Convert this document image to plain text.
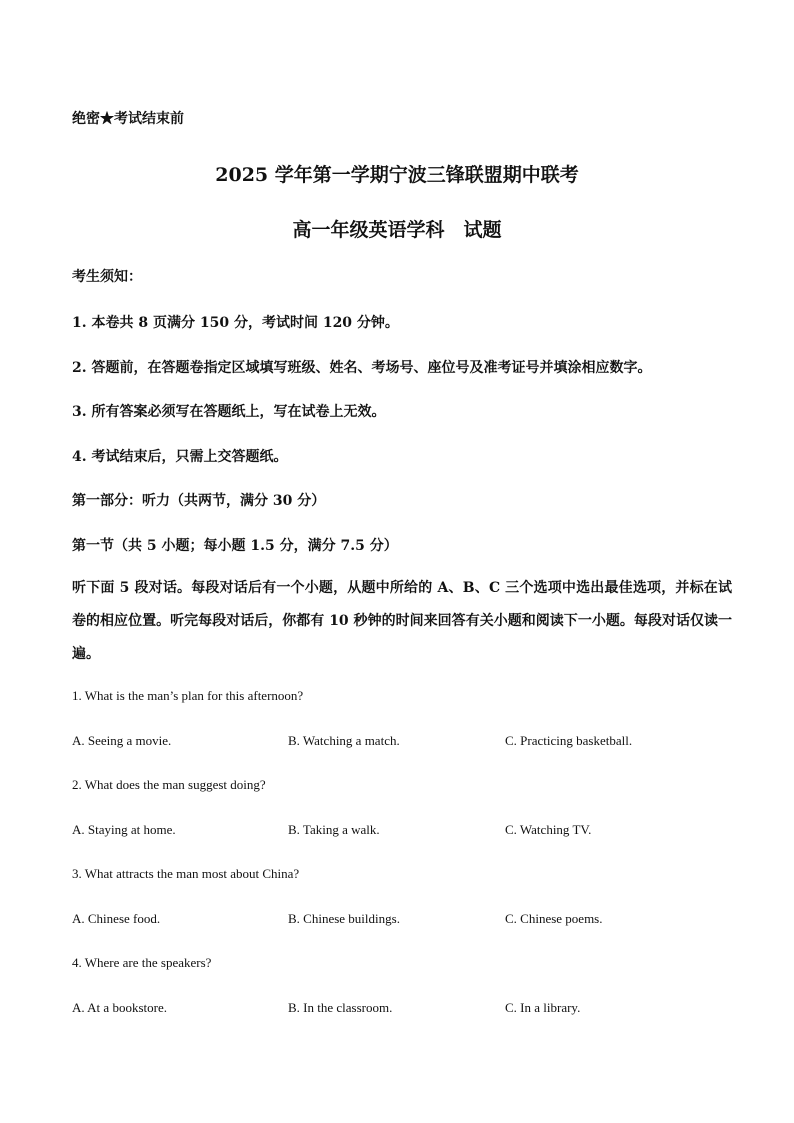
绝密★考试结束前
2025 学年第一学期宁波三锋联盟期中联考
高一年级英语学科　试题
考生须知：
1. 本卷共 8 页满分 150 分，考试时间 120 分钟。
2. 答题前，在答题卷指定区域填写班级、姓名、考场号、座位号及准考证号并填涂相应数字。
3. 所有答案必须写在答题纸上，写在试卷上无效。
4. 考试结束后，只需上交答题纸。
第一部分：听力（共两节，满分 30 分）
第一节（共 5 小题；每小题 1.5 分，满分 7.5 分）
听下面 5 段对话。每段对话后有一个小题，从题中所给的 A、B、C 三个选项中选出最佳选项，并标在试卷的相应位置。听完每段对话后，你都有 10 秒钟的时间来回答有关小题和阅读下一小题。每段对话仅读一遍。
1. What is the man’s plan for this afternoon?
A. Seeing a movie.	B. Watching a match.	C. Practicing basketball.
2. What does the man suggest doing?
A. Staying at home.	B. Taking a walk.	C. Watching TV.
3. What attracts the man most about China?
A. Chinese food.	B. Chinese buildings.	C. Chinese poems.
4. Where are the speakers?
A. At a bookstore.	B. In the classroom.	C. In a library.
